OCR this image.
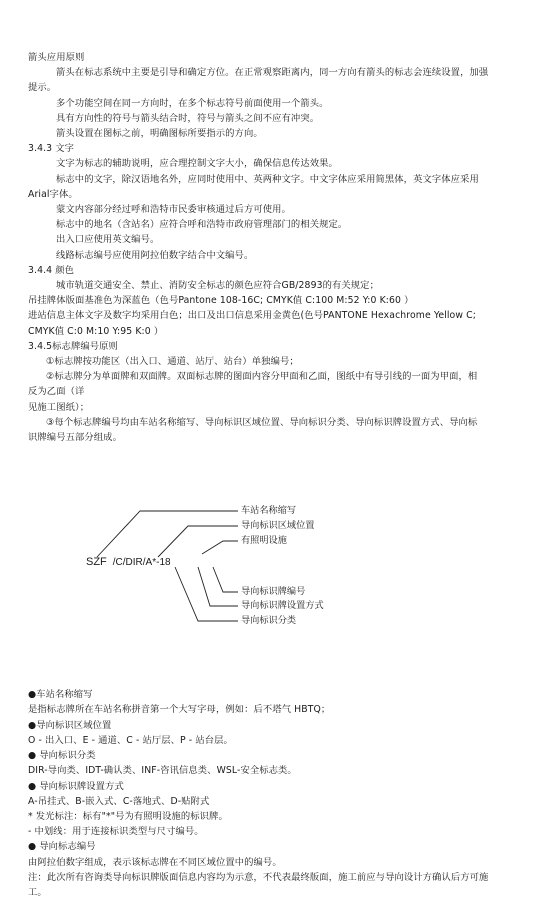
箭头应用原则
箭头在标志系统中主要是引导和确定方位。在正常观察距离内，同一方向有箭头的标志会连续设置，加强
提示。
多个功能空间在同一方向时，在多个标志符号前面使用一个箭头。
具有方向性的符号与箭头结合时，符号与箭头之间不应有冲突。
箭头设置在图标之前，明确图标所要指示的方向。
3.4.3 文字
文字为标志的辅助说明，应合理控制文字大小，确保信息传达效果。
标志中的文字，除汉语地名外，应同时使用中、英两种文字。中文字体应采用简黑体，英文字体应采用
Arial字体。
蒙文内容部分经过呼和浩特市民委审核通过后方可使用。
标志中的地名（含站名）应符合呼和浩特市政府管理部门的相关规定。
出入口应使用英文编号。
线路标志编号应使用阿拉伯数字结合中文编号。
3.4.4 颜色
城市轨道交通安全、禁止、消防安全标志的颜色应符合GB/2893的有关规定；
吊挂牌体版面基准色为深蓝色（色号Pantone 108-16C; CMYK值 C:100 M:52 Y:0 K:60 ）
进站信息主体文字及数字均采用白色；出口及出口信息采用金黄色(色号PANTONE Hexachrome Yellow C;
CMYK值 C:0 M:10 Y:95 K:0 ）
3.4.5标志牌编号原则
①标志牌按功能区（出入口、通道、站厅、站台）单独编号；
②标志牌分为单面牌和双面牌。双面标志牌的图面内容分甲面和乙面，图纸中有导引线的一面为甲面，相
反为乙面（详
见施工图纸）；
③每个标志牌编号均由车站名称缩写、导向标识区域位置、导向标识分类、导向标识牌设置方式、导向标
识牌编号五部分组成。
车站名称缩写
导向标识区域位置
有照明设施
SZF /C/DIR/A*-18
导向标识牌编号
导向标识牌设置方式
导向标识分类
●车站名称缩写
是指标志牌所在车站名称拼音第一个大写字母，例如：后不塔气 HBTQ；
●导向标识区域位置
O - 出入口、E - 通道、C - 站厅层、P - 站台层。
● 导向标识分类
DIR-导向类、IDT-确认类、INF-咨讯信息类、WSL-安全标志类。
● 导向标识牌设置方式
A-吊挂式、B-嵌入式、C-落地式、D-贴附式
* 发光标注：标有"*"号为有照明设施的标识牌。
- 中划线：用于连接标识类型与尺寸编号。
● 导向标志编号
由阿拉伯数字组成，表示该标志牌在不同区域位置中的编号。
注：此次所有咨询类导向标识牌版面信息内容均为示意，不代表最终版面，施工前应与导向设计方确认后方可施
工。
